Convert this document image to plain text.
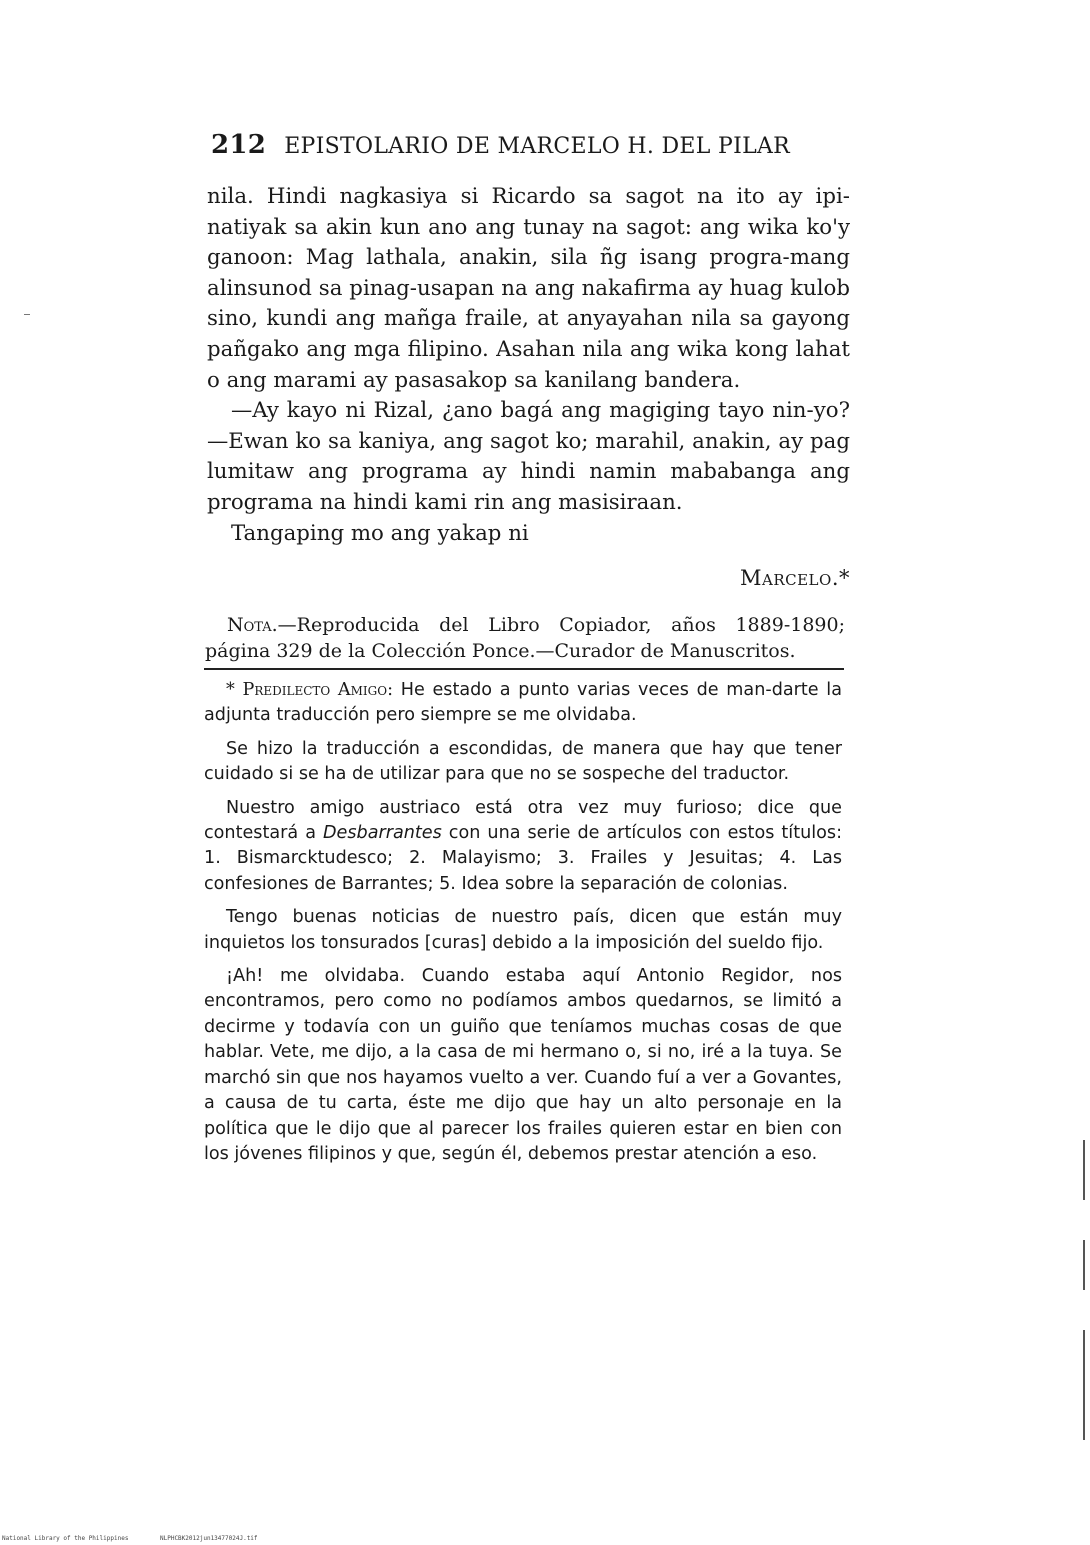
212 EPISTOLARIO DE MARCELO H. DEL PILAR

nila. Hindi nagkasiya si Ricardo sa sagot na ito ay ipi-natiyak sa akin kun ano ang tunay na sagot: ang wika ko'y ganoon: Mag lathala, anakin, sila ñg isang progra-mang alinsunod sa pinag-usapan na ang nakafirma ay huag kulob sino, kundi ang mañga fraile, at anyayahan nila sa gayong pañgako ang mga filipino. Asahan nila ang wika kong lahat o ang marami ay pasasakop sa kanilang bandera.

—Ay kayo ni Rizal, ¿ano bagá ang magiging tayo nin-yo?—Ewan ko sa kaniya, ang sagot ko; marahil, anakin, ay pag lumitaw ang programa ay hindi namin mababanga ang programa na hindi kami rin ang masisiraan.

Tangaping mo ang yakap ni

Marcelo.*
Nota.—Reproducida del Libro Copiador, años 1889-1890; página 329 de la Colección Ponce.—Curador de Manuscritos.

* Predilecto Amigo: He estado a punto varias veces de man-darte la adjunta traducción pero siempre se me olvidaba.

Se hizo la traducción a escondidas, de manera que hay que tener cuidado si se ha de utilizar para que no se sospeche del traductor.

Nuestro amigo austriaco está otra vez muy furioso; dice que contestará a Desbarrantes con una serie de artículos con estos títulos: 1. Bismarcktudesco; 2. Malayismo; 3. Frailes y Jesuitas; 4. Las confesiones de Barrantes; 5. Idea sobre la separación de colonias.

Tengo buenas noticias de nuestro país, dicen que están muy inquietos los tonsurados [curas] debido a la imposición del sueldo fijo.

¡Ah! me olvidaba. Cuando estaba aquí Antonio Regidor, nos encontramos, pero como no podíamos ambos quedarnos, se limitó a decirme y todavía con un guiño que teníamos muchas cosas de que hablar. Vete, me dijo, a la casa de mi hermano o, si no, iré a la tuya. Se marchó sin que nos hayamos vuelto a ver. Cuando fuí a ver a Govantes, a causa de tu carta, éste me dijo que hay un alto personaje en la política que le dijo que al parecer los frailes quieren estar en bien con los jóvenes filipinos y que, según él, debemos prestar atención a eso.

National Library of the Philippines	NLPHCBK2012jun13477024J.tif
